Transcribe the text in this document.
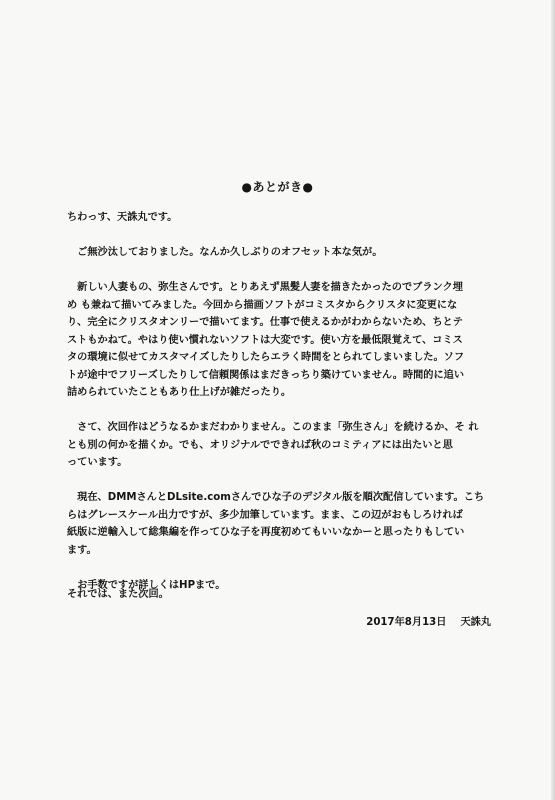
●あとがき●

ちわっす、天誅丸です。

　ご無沙汰しておりました。なんか久しぶりのオフセット本な気が。

　新しい人妻もの、弥生さんです。とりあえず黒髪人妻を描きたかったのでブランク埋
め も兼ねて描いてみました。今回から描画ソフトがコミスタからクリスタに変更にな
り、完全にクリスタオンリーで描いてます。仕事で使えるかがわからないため、ちとテ
ストもかねて。やはり使い慣れないソフトは大変です。使い方を最低限覚えて、コミス
タの環境に似せてカスタマイズしたりしたらエラく時間をとられてしまいました。ソフ
トが途中でフリーズしたりして信頼関係はまだきっちり築けていません。時間的に追い
詰められていたこともあり仕上げが雑だったり。

　さて、次回作はどうなるかまだわかりません。このまま「弥生さん」を続けるか、そ れ
とも別の何かを描くか。でも、オリジナルでできれば秋のコミティアには出たいと思
っています。

　現在、DMMさんとDLsite.comさんでひな子のデジタル版を順次配信しています。こち
らはグレースケール出力ですが、多少加筆しています。まま、この辺がおもしろければ
紙版に逆輸入して総集編を作ってひな子を再度初めてもいいなかーと思ったりもしてい
ます。

　お手数ですが詳しくはHPまで。

それでは、また次回。
2017年8月13日 天誅丸
